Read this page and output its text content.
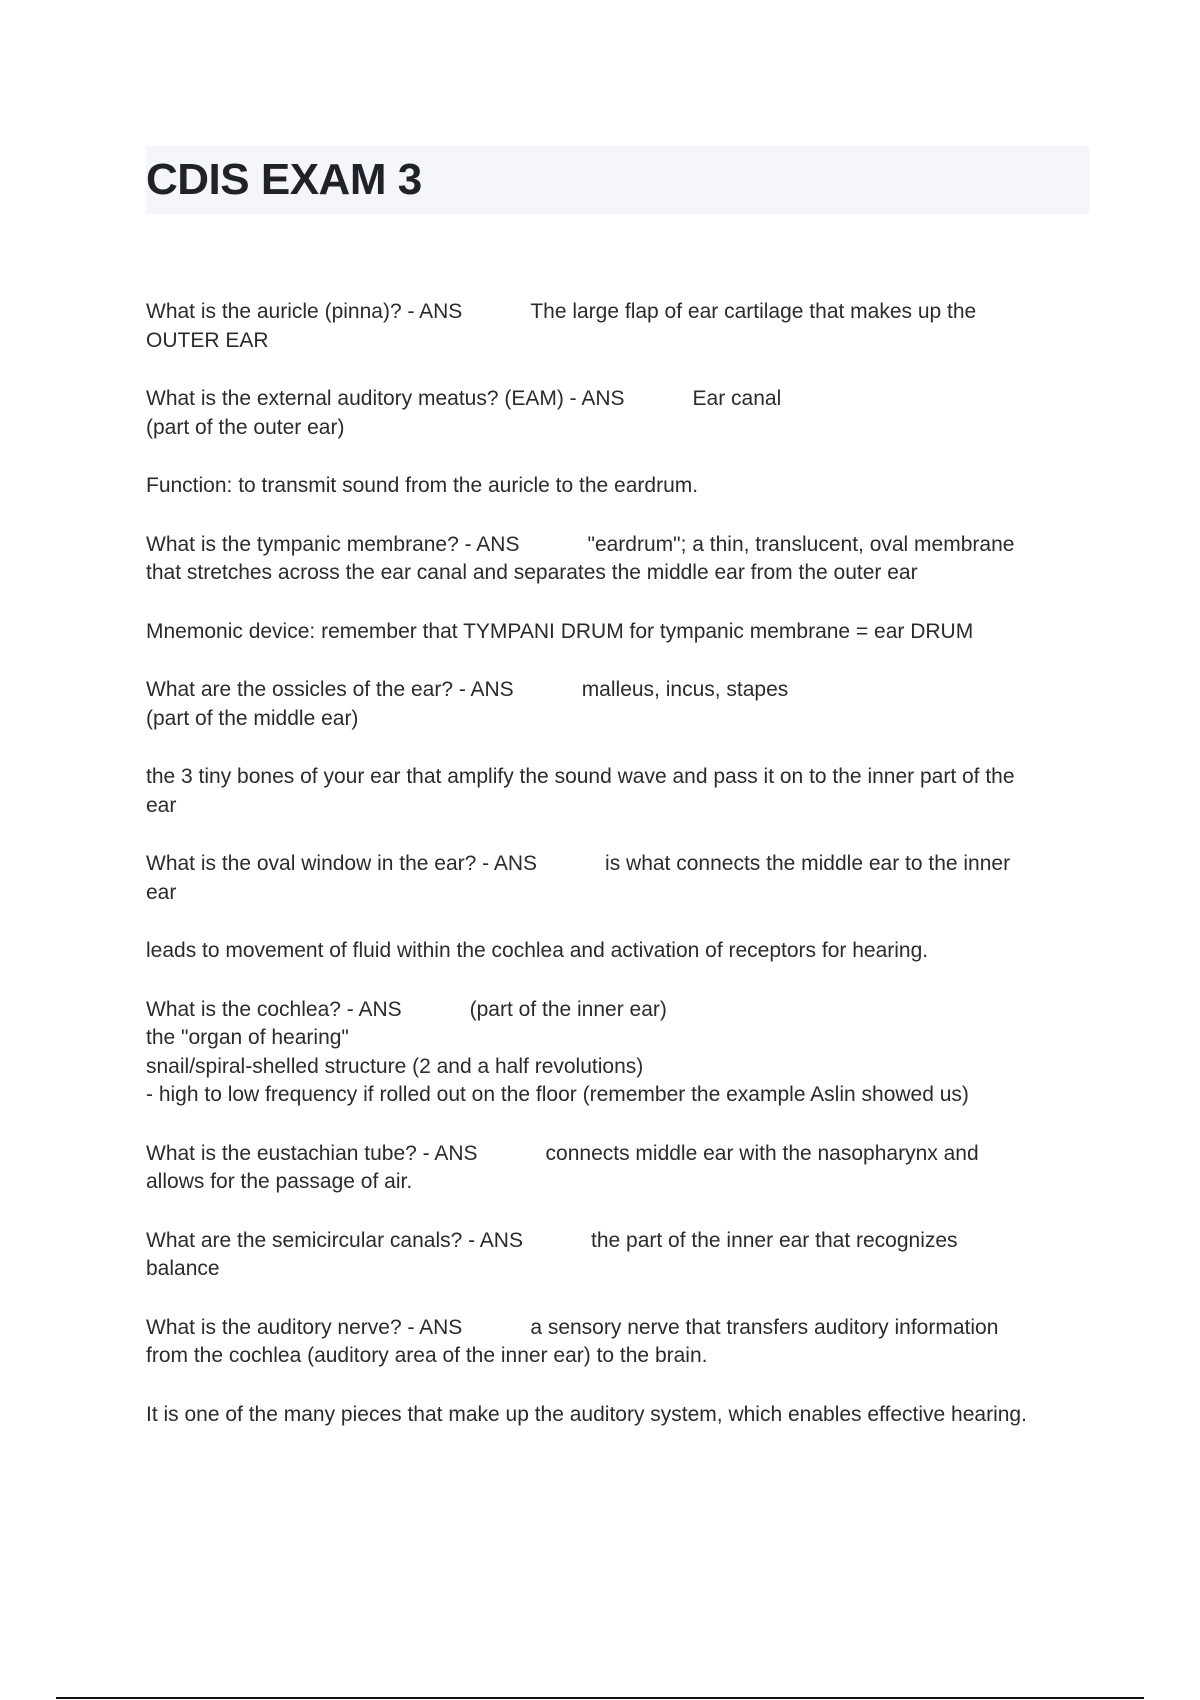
CDIS EXAM 3
What is the auricle (pinna)? - ANS	The large flap of ear cartilage that makes up the
OUTER EAR
What is the external auditory meatus? (EAM) - ANS	Ear canal
(part of the outer ear)

Function: to transmit sound from the auricle to the eardrum.

What is the tympanic membrane? - ANS	"eardrum"; a thin, translucent, oval membrane
that stretches across the ear canal and separates the middle ear from the outer ear

Mnemonic device: remember that TYMPANI DRUM for tympanic membrane = ear DRUM

What are the ossicles of the ear? - ANS	malleus, incus, stapes
(part of the middle ear)
the 3 tiny bones of your ear that amplify the sound wave and pass it on to the inner part of the
ear
What is the oval window in the ear? - ANS	is what connects the middle ear to the inner
ear

leads to movement of fluid within the cochlea and activation of receptors for hearing.

What is the cochlea? - ANS	(part of the inner ear)
the "organ of hearing"
snail/spiral-shelled structure (2 and a half revolutions)
- high to low frequency if rolled out on the floor (remember the example Aslin showed us)
What is the eustachian tube? - ANS	connects middle ear with the nasopharynx and
allows for the passage of air.
What are the semicircular canals? - ANS	the part of the inner ear that recognizes
balance
What is the auditory nerve? - ANS	a sensory nerve that transfers auditory information
from the cochlea (auditory area of the inner ear) to the brain.

It is one of the many pieces that make up the auditory system, which enables effective hearing.
